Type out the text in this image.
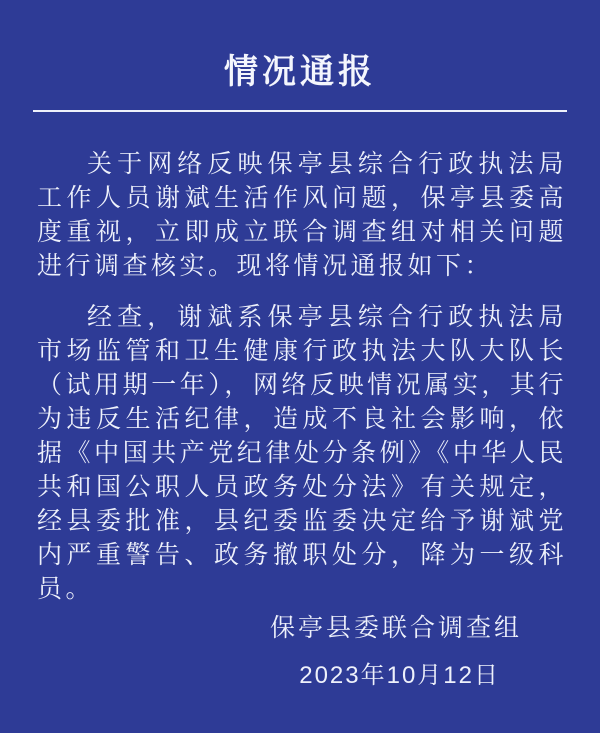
情况通报

关于网络反映保亭县综合行政执法局工作人员谢斌生活作风问题，保亭县委高度重视，立即成立联合调查组对相关问题进行调查核实。现将情况通报如下：

经查，谢斌系保亭县综合行政执法局市场监管和卫生健康行政执法大队大队长（试用期一年），网络反映情况属实，其行为违反生活纪律，造成不良社会影响，依据《中国共产党纪律处分条例》《中华人民共和国公职人员政务处分法》有关规定，经县委批准，县纪委监委决定给予谢斌党内严重警告、政务撤职处分，降为一级科员。

保亭县委联合调查组
2023年10月12日
